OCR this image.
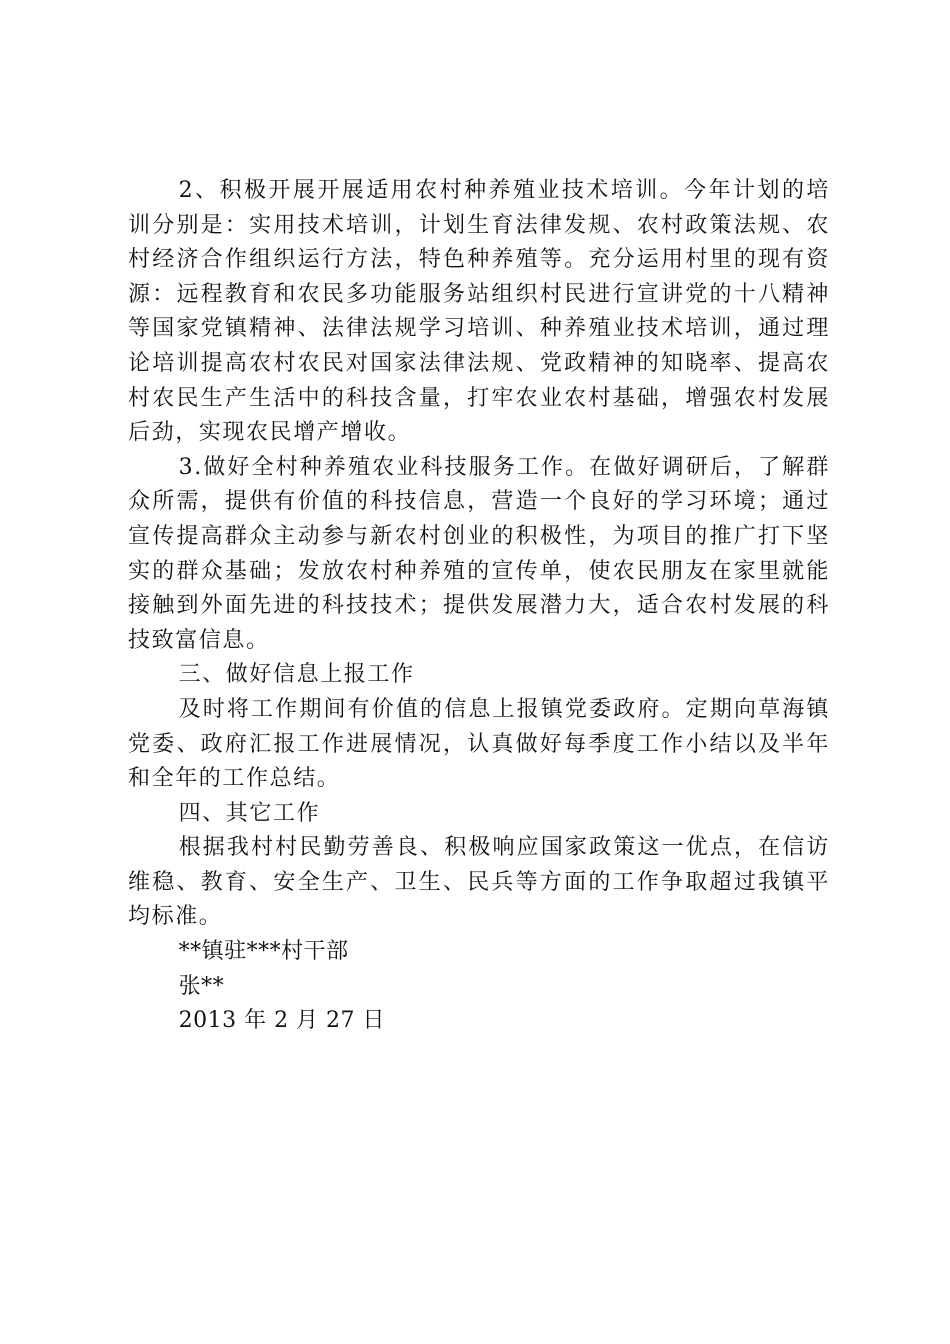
2、积极开展开展适用农村种养殖业技术培训。今年计划的培训分别是：实用技术培训，计划生育法律发规、农村政策法规、农村经济合作组织运行方法，特色种养殖等。充分运用村里的现有资源：远程教育和农民多功能服务站组织村民进行宣讲党的十八精神等国家党镇精神、法律法规学习培训、种养殖业技术培训，通过理论培训提高农村农民对国家法律法规、党政精神的知晓率、提高农村农民生产生活中的科技含量，打牢农业农村基础，增强农村发展后劲，实现农民增产增收。

3.做好全村种养殖农业科技服务工作。在做好调研后，了解群众所需，提供有价值的科技信息，营造一个良好的学习环境；通过宣传提高群众主动参与新农村创业的积极性，为项目的推广打下坚实的群众基础；发放农村种养殖的宣传单，使农民朋友在家里就能接触到外面先进的科技技术；提供发展潜力大，适合农村发展的科技致富信息。

三、做好信息上报工作

及时将工作期间有价值的信息上报镇党委政府。定期向草海镇党委、政府汇报工作进展情况，认真做好每季度工作小结以及半年和全年的工作总结。

四、其它工作

根据我村村民勤劳善良、积极响应国家政策这一优点，在信访维稳、教育、安全生产、卫生、民兵等方面的工作争取超过我镇平均标准。

**镇驻***村干部

张**

2013 年 2 月 27 日
